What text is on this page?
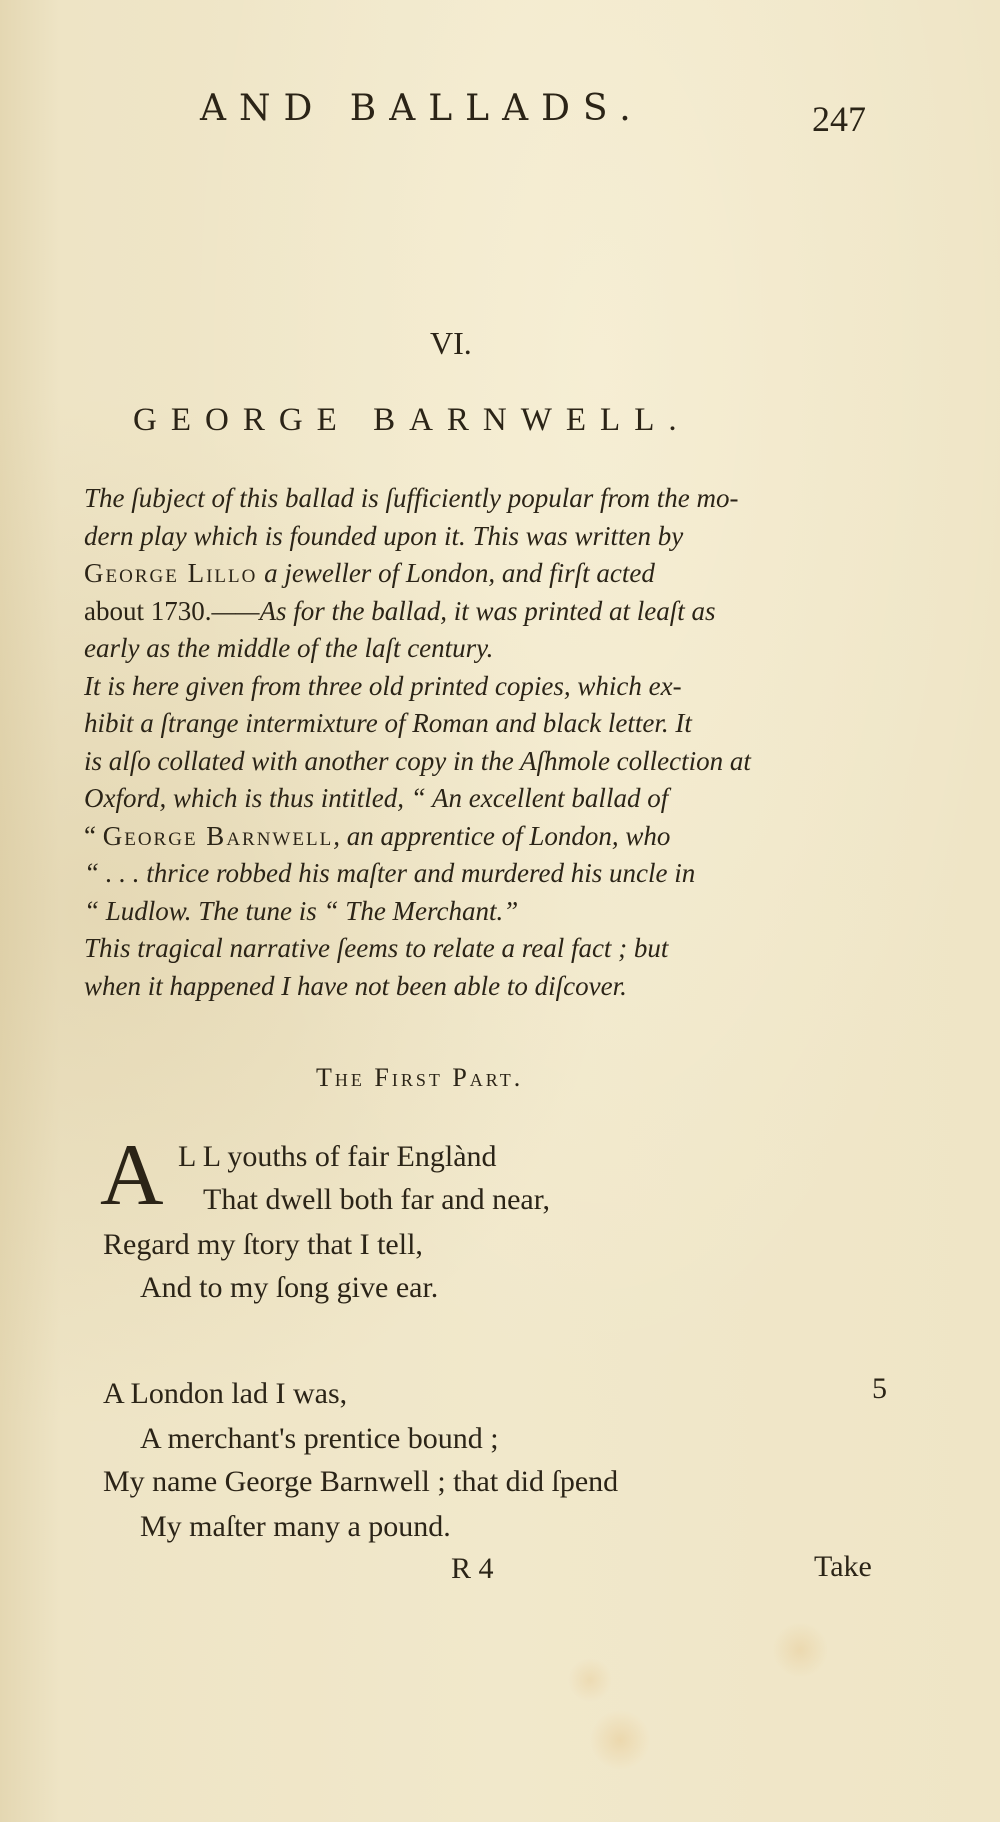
AND BALLADS.	247
VI.
GEORGE BARNWELL.
The ſubject of this ballad is ſufficiently popular from the mo-
dern play which is founded upon it. This was written by
George Lillo a jeweller of London, and firſt acted
about 1730.——As for the ballad, it was printed at leaſt as
early as the middle of the laſt century.
It is here given from three old printed copies, which ex-
hibit a ſtrange intermixture of Roman and black letter. It
is alſo collated with another copy in the Aſhmole collection at
Oxford, which is thus intitled, “ An excellent ballad of
“ George Barnwell, an apprentice of London, who
“ . . . thrice robbed his maſter and murdered his uncle in
“ Ludlow. The tune is “ The Merchant.”
This tragical narrative ſeems to relate a real fact ; but
when it happened I have not been able to diſcover.
The First Part.
A L L youths of fair Englànd
That dwell both far and near,
Regard my ſtory that I tell,
And to my ſong give ear.
A London lad I was,
A merchant's prentice bound ;
My name George Barnwell ; that did ſpend
My maſter many a pound.
5
R 4	Take
